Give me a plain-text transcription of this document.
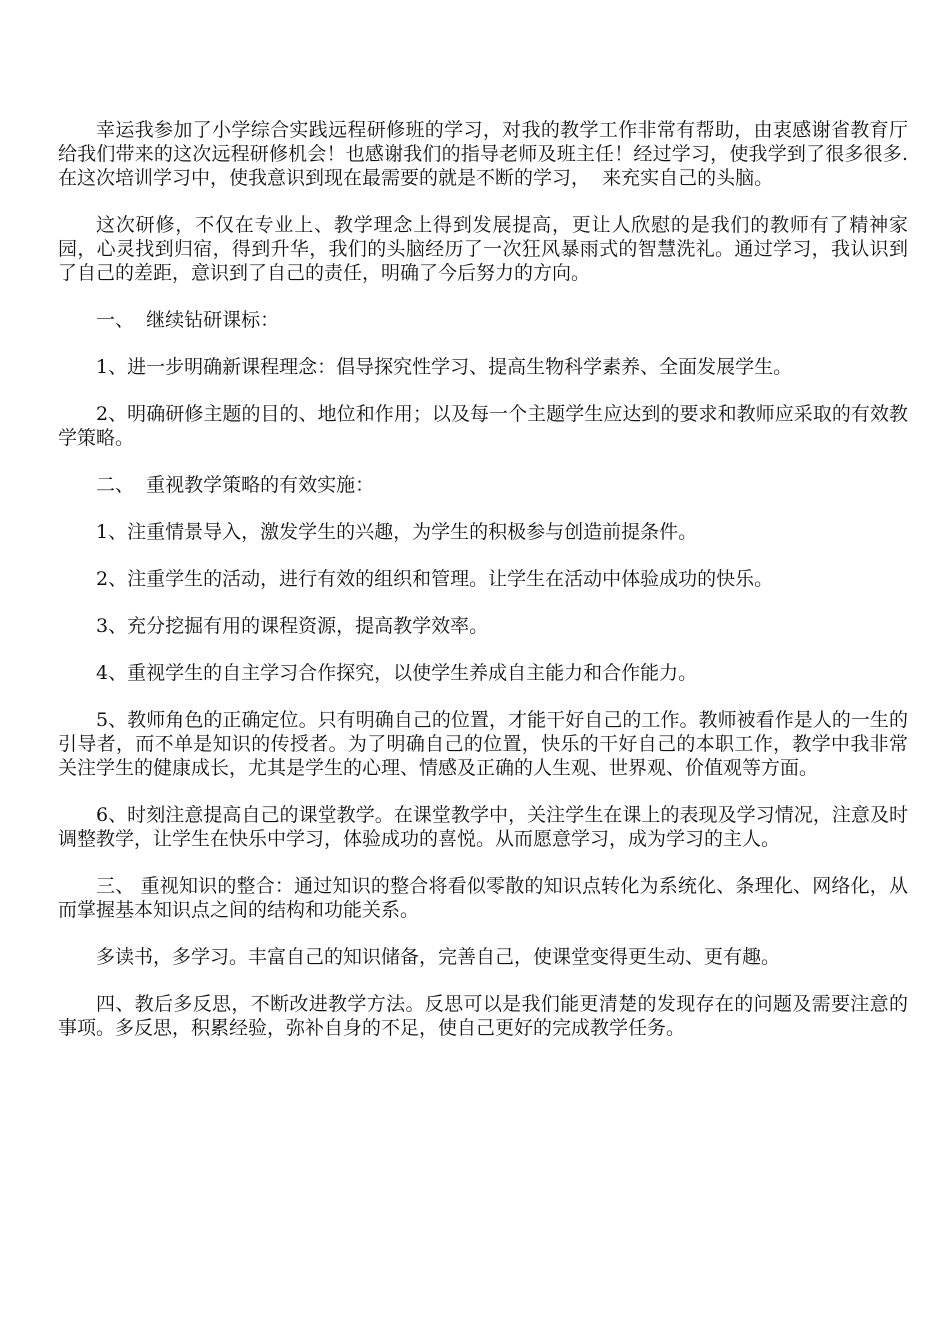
幸运我参加了小学综合实践远程研修班的学习，对我的教学工作非常有帮助，由衷感谢省教育厅给我们带来的这次远程研修机会！也感谢我们的指导老师及班主任！经过学习，使我学到了很多很多.在这次培训学习中，使我意识到现在最需要的就是不断的学习，  来充实自己的头脑。

这次研修，不仅在专业上、教学理念上得到发展提高，更让人欣慰的是我们的教师有了精神家园，心灵找到归宿，得到升华，我们的头脑经历了一次狂风暴雨式的智慧洗礼。通过学习，我认识到了自己的差距，意识到了自己的责任，明确了今后努力的方向。

一、  继续钻研课标：

1、进一步明确新课程理念：倡导探究性学习、提高生物科学素养、全面发展学生。

2、明确研修主题的目的、地位和作用；以及每一个主题学生应达到的要求和教师应采取的有效教学策略。

二、  重视教学策略的有效实施：

1、注重情景导入，激发学生的兴趣，为学生的积极参与创造前提条件。

2、注重学生的活动，进行有效的组织和管理。让学生在活动中体验成功的快乐。

3、充分挖掘有用的课程资源，提高教学效率。

4、重视学生的自主学习合作探究，以使学生养成自主能力和合作能力。

5、教师角色的正确定位。只有明确自己的位置，才能干好自己的工作。教师被看作是人的一生的引导者，而不单是知识的传授者。为了明确自己的位置，快乐的干好自己的本职工作，教学中我非常关注学生的健康成长，尤其是学生的心理、情感及正确的人生观、世界观、价值观等方面。

6、时刻注意提高自己的课堂教学。在课堂教学中，关注学生在课上的表现及学习情况，注意及时调整教学，让学生在快乐中学习，体验成功的喜悦。从而愿意学习，成为学习的主人。

三、 重视知识的整合：通过知识的整合将看似零散的知识点转化为系统化、条理化、网络化，从而掌握基本知识点之间的结构和功能关系。

多读书，多学习。丰富自己的知识储备，完善自己，使课堂变得更生动、更有趣。

四、教后多反思，不断改进教学方法。反思可以是我们能更清楚的发现存在的问题及需要注意的事项。多反思，积累经验，弥补自身的不足，使自己更好的完成教学任务。
